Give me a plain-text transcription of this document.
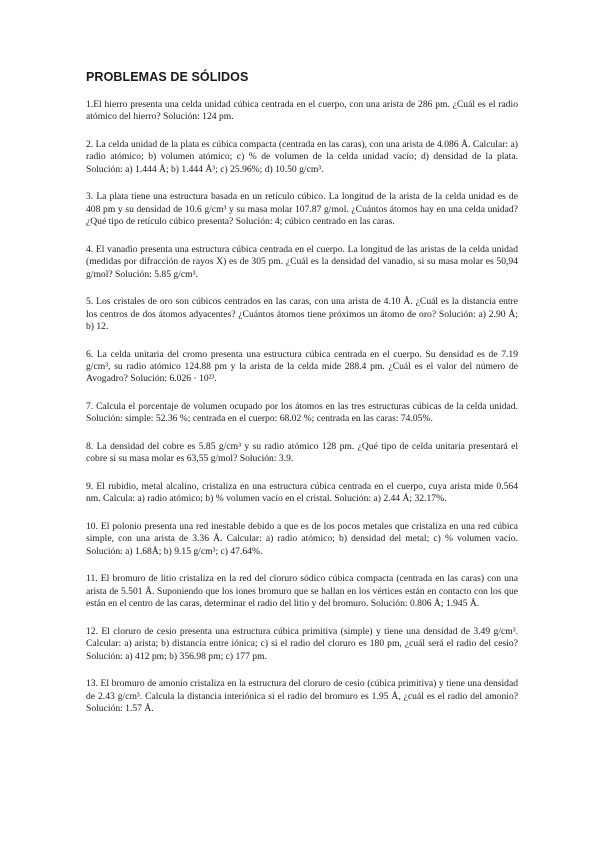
PROBLEMAS DE SÓLIDOS
1.El hierro presenta una celda unidad cúbica centrada en el cuerpo, con una arista de 286 pm. ¿Cuál es el radio atómico del hierro? Solución: 124 pm.
2. La celda unidad de la plata es cúbica compacta (centrada en las caras), con una arista de 4.086 Å. Calcular: a) radio atómico; b) volumen atómico; c) % de volumen de la celda unidad vacío; d) densidad de la plata. Solución: a) 1.444 Å; b) 1.444 Å³; c) 25.96%; d) 10.50 g/cm³.
3. La plata tiene una estructura basada en un retículo cúbico. La longitud de la arista de la celda unidad es de 408 pm y su densidad de 10.6 g/cm³ y su masa molar 107.87 g/mol. ¿Cuántos átomos hay en una celda unidad? ¿Qué tipo de retículo cúbico presenta? Solución: 4; cúbico centrado en las caras.
4. El vanadio presenta una estructura cúbica centrada en el cuerpo. La longitud de las aristas de la celda unidad (medidas por difracción de rayos X) es de 305 pm. ¿Cuál es la densidad del vanadio, si su masa molar es 50,94 g/mol? Solución: 5.85 g/cm³.
5. Los cristales de oro son cúbicos centrados en las caras, con una arista de 4.10 Å. ¿Cuál es la distancia entre los centros de dos átomos adyacentes? ¿Cuántos átomos tiene próximos un átomo de oro? Solución: a) 2.90 Å; b) 12.
6. La celda unitaria del cromo presenta una estructura cúbica centrada en el cuerpo. Su densidad es de 7.19 g/cm³, su radio atómico 124.88 pm y la arista de la celda mide 288.4 pm. ¿Cuál es el valor del número de Avogadro? Solución: 6.026 · 10²³.
7. Calcula el porcentaje de volumen ocupado por los átomos en las tres estructuras cúbicas de la celda unidad. Solución: simple: 52.36 %; centrada en el cuerpo: 68.02 %; centrada en las caras: 74.05%.
8. La densidad del cobre es 5.85 g/cm³ y su radio atómico 128 pm. ¿Qué tipo de celda unitaria presentará el cobre si su masa molar es 63,55 g/mol? Solución: 3.9.
9. El rubidio, metal alcalino, cristaliza en una estructura cúbica centrada en el cuerpo, cuya arista mide 0.564 nm. Calcula: a) radio atómico; b) % volumen vacío en el cristal. Solución: a) 2.44 Å; 32.17%.
10. El polonio presenta una red inestable debido a que es de los pocos metales que cristaliza en una red cúbica simple, con una arista de 3.36 Å. Calcular: a) radio atómico; b) densidad del metal; c) % volumen vacío. Solución: a) 1.68Å; b) 9.15 g/cm³; c) 47.64%.
11. El bromuro de litio cristaliza en la red del cloruro sódico cúbica compacta (centrada en las caras) con una arista de 5.501 Å. Suponiendo que los iones bromuro que se hallan en los vértices están en contacto con los que están en el centro de las caras, determinar el radio del litio y del bromuro. Solución: 0.806 Å; 1.945 Å.
12. El cloruro de cesio presenta una estructura cúbica primitiva (simple) y tiene una densidad de 3.49 g/cm³. Calcular: a) arista; b) distancia entre iónica; c) si el radio del cloruro es 180 pm, ¿cuál será el radio del cesio? Solución: a) 412 pm; b) 356.98 pm; c) 177 pm.
13. El bromuro de amonio cristaliza en la estructura del cloruro de cesio (cúbica primitiva) y tiene una densidad de 2.43 g/cm³. Calcula la distancia interiónica si el radio del bromuro es 1.95 Å, ¿cuál es el radio del amonio? Solución: 1.57 Å.
